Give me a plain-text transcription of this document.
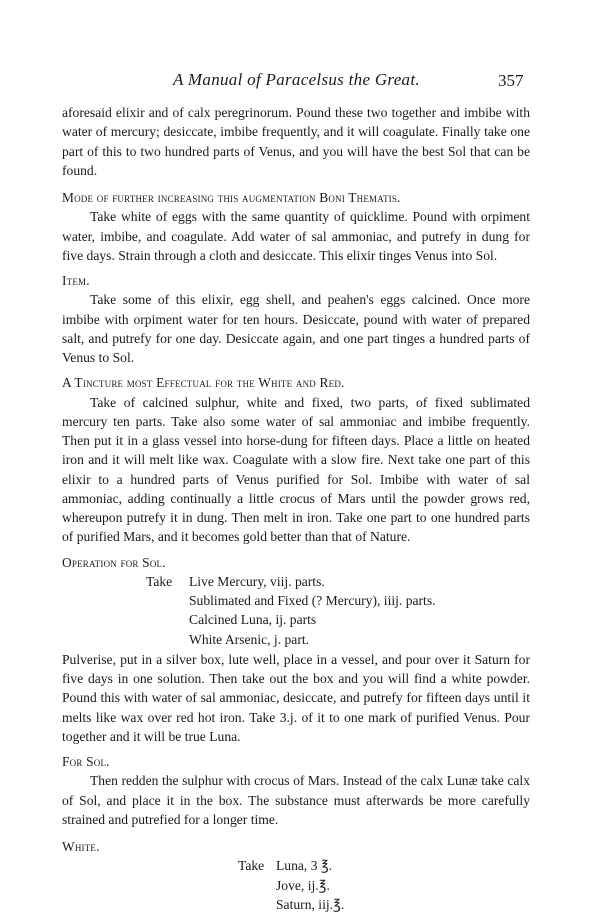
A Manual of Paracelsus the Great.	357

aforesaid elixir and of calx peregrinorum. Pound these two together and imbibe with water of mercury; desiccate, imbibe frequently, and it will coagulate. Finally take one part of this to two hundred parts of Venus, and you will have the best Sol that can be found.

Mode of further increasing this augmentation Boni Thematis.

Take white of eggs with the same quantity of quicklime. Pound with orpiment water, imbibe, and coagulate. Add water of sal ammoniac, and putrefy in dung for five days. Strain through a cloth and desiccate. This elixir tinges Venus into Sol.

Item.

Take some of this elixir, egg shell, and peahen's eggs calcined. Once more imbibe with orpiment water for ten hours. Desiccate, pound with water of prepared salt, and putrefy for one day. Desiccate again, and one part tinges a hundred parts of Venus to Sol.

A Tincture most Effectual for the White and Red.

Take of calcined sulphur, white and fixed, two parts, of fixed sublimated mercury ten parts. Take also some water of sal ammoniac and imbibe frequently. Then put it in a glass vessel into horse-dung for fifteen days. Place a little on heated iron and it will melt like wax. Coagulate with a slow fire. Next take one part of this elixir to a hundred parts of Venus purified for Sol. Imbibe with water of sal ammoniac, adding continually a little crocus of Mars until the powder grows red, whereupon putrefy it in dung. Then melt in iron. Take one part to one hundred parts of purified Mars, and it becomes gold better than that of Nature.

Operation for Sol.

Take Live Mercury, viij. parts.
Sublimated and Fixed (? Mercury), iiij. parts.
Calcined Luna, ij. parts
White Arsenic, j. part.

Pulverise, put in a silver box, lute well, place in a vessel, and pour over it Saturn for five days in one solution. Then take out the box and you will find a white powder. Pound this with water of sal ammoniac, desiccate, and putrefy for fifteen days until it melts like wax over red hot iron. Take 3.j. of it to one mark of purified Venus. Pour together and it will be true Luna.

For Sol.

Then redden the sulphur with crocus of Mars. Instead of the calx Lunæ take calx of Sol, and place it in the box. The substance must afterwards be more carefully strained and putrefied for a longer time.

White.

Take Luna, 3 ℥.
Jove, ij.℥.
Saturn, iij.℥.
